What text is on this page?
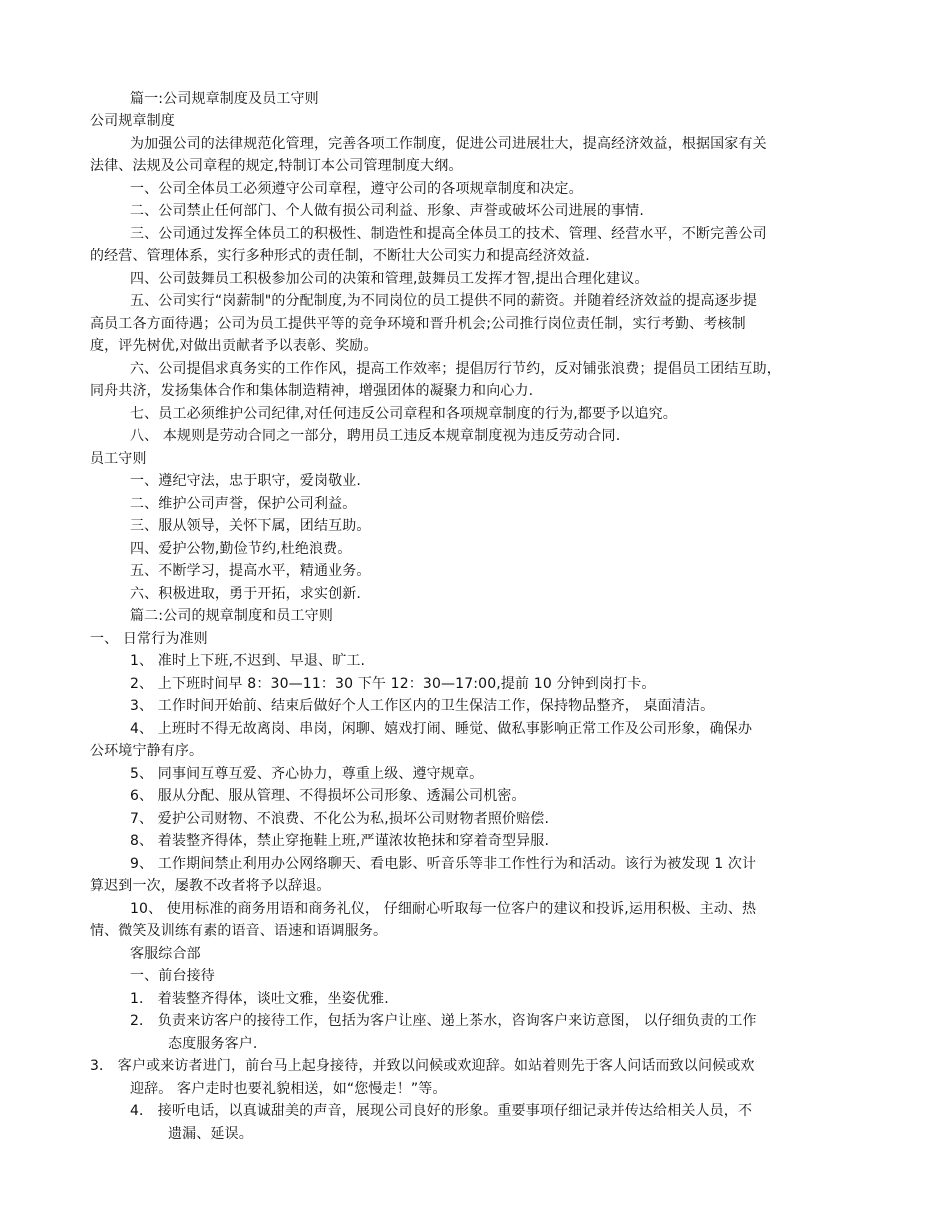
篇一:公司规章制度及员工守则
公司规章制度
为加强公司的法律规范化管理，完善各项工作制度，促进公司进展壮大，提高经济效益，根据国家有关
法律、法规及公司章程的规定,特制订本公司管理制度大纲。
一、公司全体员工必须遵守公司章程，遵守公司的各项规章制度和决定。
二、公司禁止任何部门、个人做有损公司利益、形象、声誉或破坏公司进展的事情.
三、公司通过发挥全体员工的积极性、制造性和提高全体员工的技术、管理、经营水平，不断完善公司
的经营、管理体系，实行多种形式的责任制，不断壮大公司实力和提高经济效益.
四、公司鼓舞员工积极参加公司的决策和管理,鼓舞员工发挥才智,提出合理化建议。
五、公司实行“岗薪制"的分配制度,为不同岗位的员工提供不同的薪资。并随着经济效益的提高逐步提
高员工各方面待遇；公司为员工提供平等的竞争环境和晋升机会;公司推行岗位责任制，实行考勤、考核制
度，评先树优,对做出贡献者予以表彰、奖励。
六、公司提倡求真务实的工作作风，提高工作效率；提倡厉行节约，反对铺张浪费；提倡员工团结互助，
同舟共济，发扬集体合作和集体制造精神，增强团体的凝聚力和向心力.
七、员工必须维护公司纪律,对任何违反公司章程和各项规章制度的行为,都要予以追究。
八、 本规则是劳动合同之一部分，聘用员工违反本规章制度视为违反劳动合同.
员工守则
一、遵纪守法，忠于职守，爱岗敬业.
二、维护公司声誉，保护公司利益。
三、服从领导，关怀下属，团结互助。
四、爱护公物,勤俭节约,杜绝浪费。
五、不断学习，提高水平，精通业务。
六、积极进取，勇于开拓，求实创新.
篇二:公司的规章制度和员工守则
一、 日常行为准则
1、 准时上下班,不迟到、早退、旷工.
2、 上下班时间早 8：30—11：30 下午 12：30—17:00,提前 10 分钟到岗打卡。
3、 工作时间开始前、结束后做好个人工作区内的卫生保洁工作，保持物品整齐， 桌面清洁。
4、 上班时不得无故离岗、串岗，闲聊、嬉戏打闹、睡觉、做私事影响正常工作及公司形象，确保办
公环境宁静有序。
5、 同事间互尊互爱、齐心协力，尊重上级、遵守规章。
6、 服从分配、服从管理、不得损坏公司形象、透漏公司机密。
7、 爱护公司财物、不浪费、不化公为私,损坏公司财物者照价赔偿.
8、 着装整齐得体，禁止穿拖鞋上班,严谨浓妆艳抹和穿着奇型异服.
9、 工作期间禁止利用办公网络聊天、看电影、听音乐等非工作性行为和活动。该行为被发现 1 次计
算迟到一次，屡教不改者将予以辞退。
10、 使用标准的商务用语和商务礼仪， 仔细耐心听取每一位客户的建议和投诉,运用积极、主动、热
情、微笑及训练有素的语音、语速和语调服务。
客服综合部
一、前台接待
1． 着装整齐得体，谈吐文雅，坐姿优雅.
2． 负责来访客户的接待工作，包括为客户让座、递上茶水，咨询客户来访意图， 以仔细负责的工作
态度服务客户.
3． 客户或来访者进门，前台马上起身接待，并致以问候或欢迎辞。如站着则先于客人问话而致以问候或欢
迎辞。 客户走时也要礼貌相送，如“您慢走！”等。
4． 接听电话，以真诚甜美的声音，展现公司良好的形象。重要事项仔细记录并传达给相关人员，不
遗漏、延误。
